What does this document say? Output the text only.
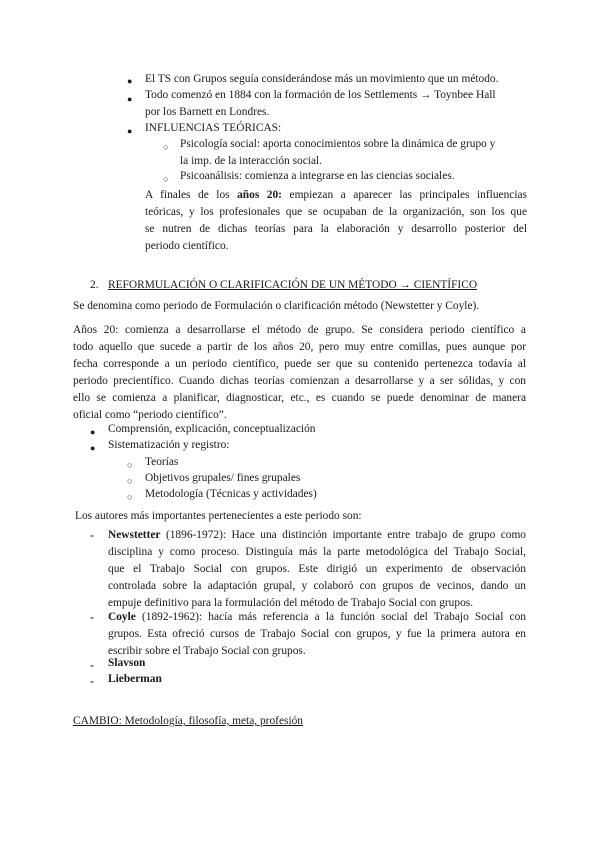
● El TS con Grupos seguía considerándose más un movimiento que un método.
● Todo comenzó en 1884 con la formación de los Settlements → Toynbee Hall
por los Barnett en Londres.
● INFLUENCIAS TEÓRICAS:
○ Psicología social: aporta conocimientos sobre la dinámica de grupo y
la imp. de la interacción social.
○ Psicoanálisis: comienza a integrarse en las ciencias sociales.
A finales de los años 20: empiezan a aparecer las principales influencias
teóricas, y los profesionales que se ocupaban de la organización, son los que
se nutren de dichas teorías para la elaboración y desarrollo posterior del
periodo científico.
2. REFORMULACIÓN O CLARIFICACIÓN DE UN MÉTODO → CIENTÍFICO
Se denomina como periodo de Formulación o clarificación método (Newstetter y Coyle).
Años 20: comienza a desarrollarse el método de grupo. Se considera periodo científico a
todo aquello que sucede a partir de los años 20, pero muy entre comillas, pues aunque por
fecha corresponde a un periodo científico, puede ser que su contenido pertenezca todavía al
periodo precientífico. Cuando dichas teorías comienzan a desarrollarse y a ser sólidas, y con
ello se comienza a planificar, diagnosticar, etc., es cuando se puede denominar de manera
oficial como “periodo científico”.
● Comprensión, explicación, conceptualización
● Sistematización y registro:
○ Teorías
○ Objetivos grupales/ fines grupales
○ Metodología (Técnicas y actividades)
Los autores más importantes pertenecientes a este periodo son:
- Newstetter (1896-1972): Hace una distinción importante entre trabajo de grupo como
disciplina y como proceso. Distinguía más la parte metodológica del Trabajo Social,
que el Trabajo Social con grupos. Este dirigió un experimento de observación
controlada sobre la adaptación grupal, y colaboró con grupos de vecinos, dando un
empuje definitivo para la formulación del método de Trabajo Social con grupos.
- Coyle (1892-1962): hacía más referencia a la función social del Trabajo Social con
grupos. Esta ofreció cursos de Trabajo Social con grupos, y fue la primera autora en
escribir sobre el Trabajo Social con grupos.
- Slavson
- Lieberman
CAMBIO: Metodología, filosofía, meta, profesión
